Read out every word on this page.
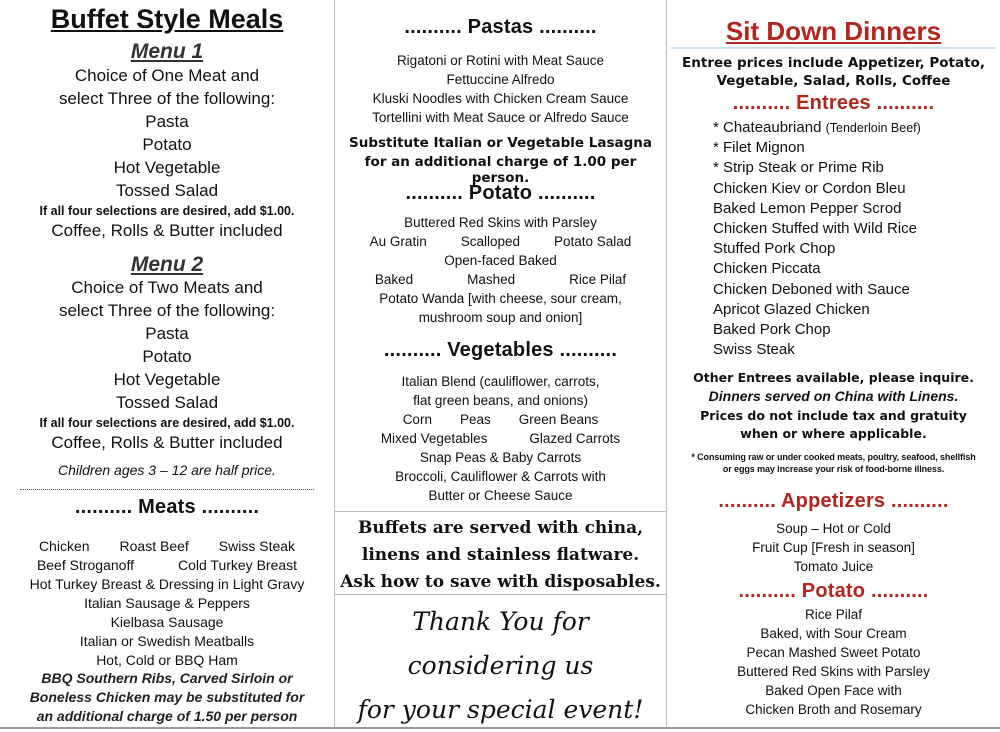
Buffet Style Meals
Menu 1
Choice of One Meat and
select Three of the following:
Pasta
Potato
Hot Vegetable
Tossed Salad
If all four selections are desired, add $1.00.
Coffee, Rolls & Butter included
Menu 2
Choice of Two Meats and
select Three of the following:
Pasta
Potato
Hot Vegetable
Tossed Salad
If all four selections are desired, add $1.00.
Coffee, Rolls & Butter included
Children ages 3 – 12 are half price.
.......... Meats ..........
Chicken Roast Beef Swiss Steak
Beef Stroganoff	Cold Turkey Breast
Hot Turkey Breast & Dressing in Light Gravy
Italian Sausage & Peppers
Kielbasa Sausage
Italian or Swedish Meatballs
Hot, Cold or BBQ Ham
BBQ Southern Ribs, Carved Sirloin or
Boneless Chicken may be substituted for
an additional charge of 1.50 per person
.......... Pastas ..........
Rigatoni or Rotini with Meat Sauce
Fettuccine Alfredo
Kluski Noodles with Chicken Cream Sauce
Tortellini with Meat Sauce or Alfredo Sauce
Substitute Italian or Vegetable Lasagna
for an additional charge of 1.00 per person.
.......... Potato ..........
Buttered Red Skins with Parsley
Au Gratin	Scalloped	Potato Salad
Open-faced Baked
Baked	Mashed	Rice Pilaf
Potato Wanda [with cheese, sour cream,
mushroom soup and onion]
.......... Vegetables ..........
Italian Blend (cauliflower, carrots,
flat green beans, and onions)
Corn Peas Green Beans
Mixed Vegetables	Glazed Carrots
Snap Peas & Baby Carrots
Broccoli, Cauliflower & Carrots with
Butter or Cheese Sauce
Buffets are served with china,
linens and stainless flatware.
Ask how to save with disposables.
Thank You for
considering us
for your special event!
Sit Down Dinners
Entree prices include Appetizer, Potato,
Vegetable, Salad, Rolls, Coffee
.......... Entrees ..........
* Chateaubriand (Tenderloin Beef)
* Filet Mignon
* Strip Steak or Prime Rib
Chicken Kiev or Cordon Bleu
Baked Lemon Pepper Scrod
Chicken Stuffed with Wild Rice
Stuffed Pork Chop
Chicken Piccata
Chicken Deboned with Sauce
Apricot Glazed Chicken
Baked Pork Chop
Swiss Steak
Other Entrees available, please inquire.
Dinners served on China with Linens.
Prices do not include tax and gratuity
when or where applicable.
* Consuming raw or under cooked meats, poultry, seafood, shellfish
or eggs may increase your risk of food-borne illness.
.......... Appetizers ..........
Soup – Hot or Cold
Fruit Cup [Fresh in season]
Tomato Juice
.......... Potato ..........
Rice Pilaf
Baked, with Sour Cream
Pecan Mashed Sweet Potato
Buttered Red Skins with Parsley
Baked Open Face with
Chicken Broth and Rosemary
